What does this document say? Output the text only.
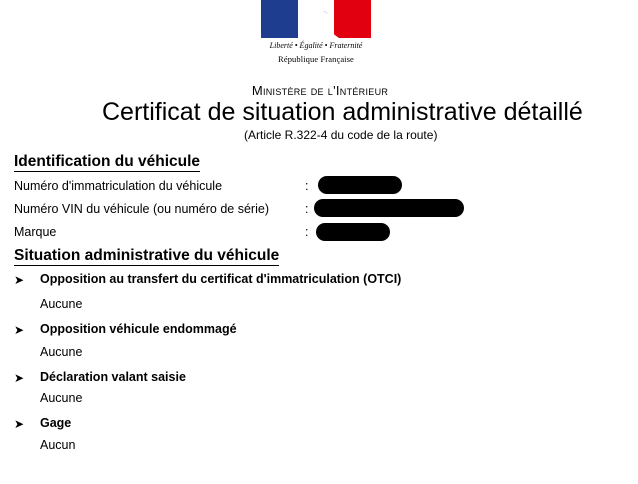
Liberté • Égalité • Fraternité
République Française
Ministère de l'Intérieur
Certificat de situation administrative détaillé
(Article R.322-4 du code de la route)
Identification du véhicule
Numéro d'immatriculation du véhicule	:
Numéro VIN du véhicule (ou numéro de série)	:
Marque	:
Situation administrative du véhicule
➤ Opposition au transfert du certificat d'immatriculation (OTCI)
Aucune
➤ Opposition véhicule endommagé
Aucune
➤ Déclaration valant saisie
Aucune
➤ Gage
Aucun
